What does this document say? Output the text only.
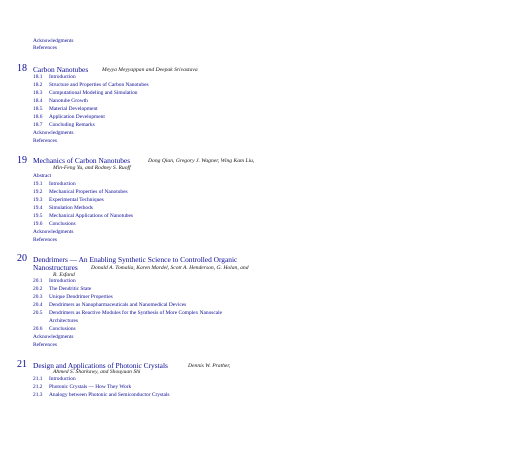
Acknowledgments
References
18 Carbon Nanotubes Meyya Meyyappan and Deepak Srivastava
18.1 Introduction
18.2 Structure and Properties of Carbon Nanotubes
18.3 Computational Modeling and Simulation
18.4 Nanotube Growth
18.5 Material Development
18.6 Application Development
18.7 Concluding Remarks
Acknowledgments
References
19 Mechanics of Carbon Nanotubes	Dong Qian, Gregory J. Wagner, Wing Kam Liu,
Min-Feng Yu, and Rodney S. Ruoff
Abstract
19.1 Introduction
19.2 Mechanical Properties of Nanotubes
19.3 Experimental Techniques
19.4 Simulation Methods
19.5 Mechanical Applications of Nanotubes
19.6 Conclusions
Acknowledgments
References
20 Dendrimers — An Enabling Synthetic Science to Controlled Organic
Nanostructures Donald A. Tomalia, Karen Mardel, Scott A. Henderson, G. Holan, and
R. Esfand
20.1 Introduction
20.2 The Dendritic State
20.3 Unique Dendrimer Properties
20.4 Dendrimers as Nanopharmaceuticals and Nanomedical Devices
20.5 Dendrimers as Reactive Modules for the Synthesis of More Complex Nanoscale
Architectures
20.6 Conclusions
Acknowledgments
References
21 Design and Applications of Photonic Crystals	Dennis W. Prather,
Ahmed S. Sharkawy, and Shouyuan Shi
21.1 Introduction
21.2 Photonic Crystals — How They Work
21.3 Analogy between Photonic and Semiconductor Crystals
